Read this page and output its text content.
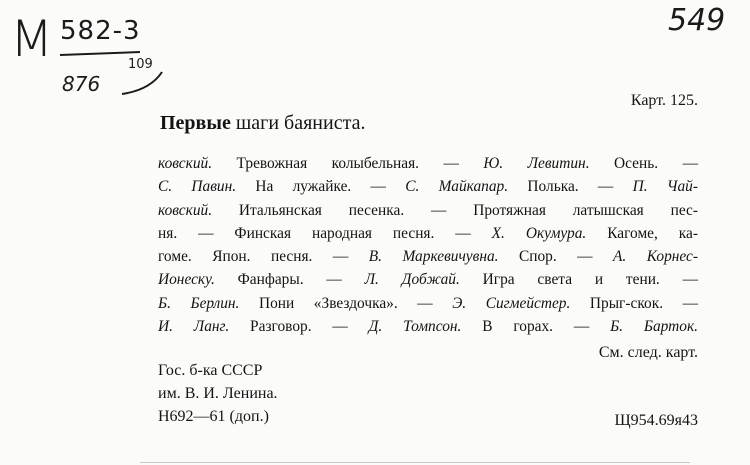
М 582-3
876
109
549
Карт. 125.
Первые шаги баяниста.
ковский. Тревожная колыбельная. — Ю. Левитин. Осень. —
С. Павин. На лужайке. — С. Майкапар. Полька. — П. Чай-
ковский. Итальянская песенка. — Протяжная латышская пес-
ня. — Финская народная песня. — Х. Окумура. Кагоме, ка-
гоме. Япон. песня. — В. Маркевичувна. Спор. — А. Корнес-
Ионеску. Фанфары. — Л. Добжай. Игра света и тени. —
Б. Берлин. Пони «Звездочка». — Э. Сигмейстер. Прыг-скок. —
И. Ланг. Разговор. — Д. Томпсон. В горах. — Б. Барток.
См. след. карт.
Гос. б-ка СССР
им. В. И. Ленина.
Н692—61 (доп.)	Щ954.69я43
